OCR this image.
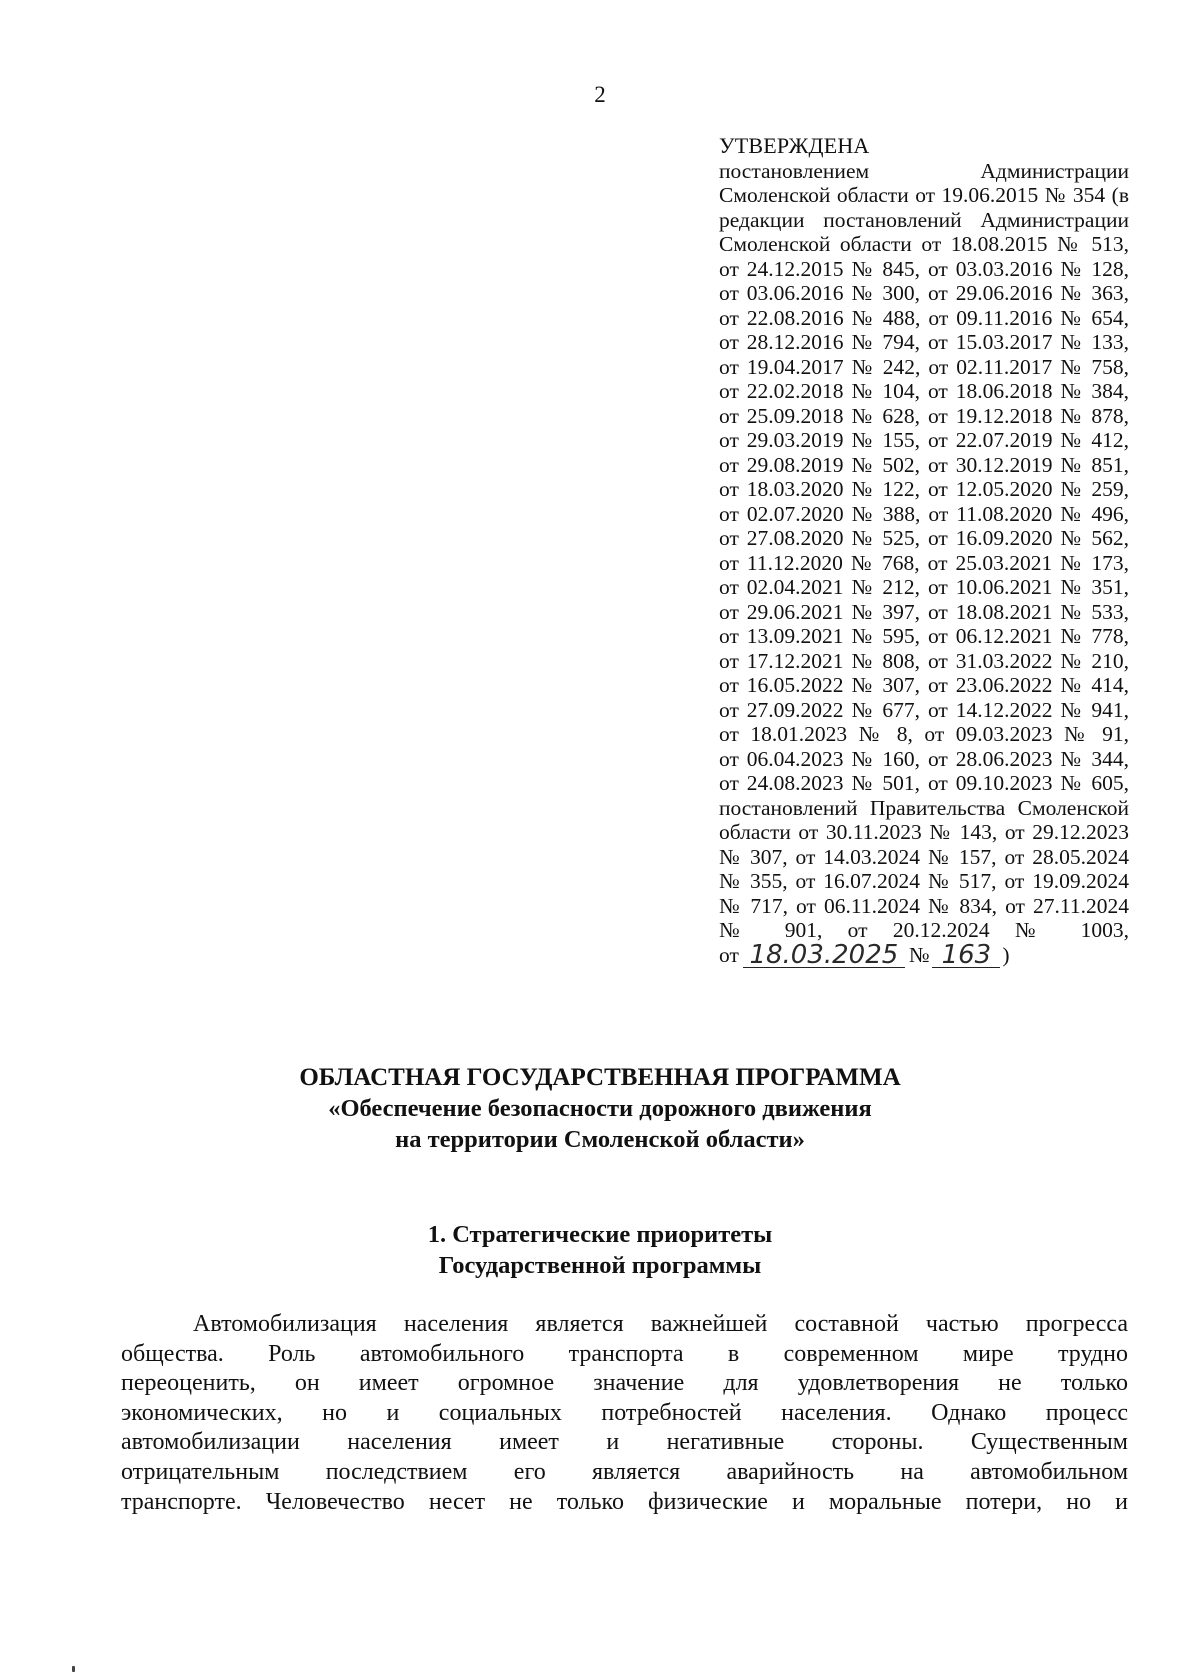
2
УТВЕРЖДЕНА
постановлением	Администрации
Смоленской области от 19.06.2015 № 354 (в
редакции постановлений Администрации
Смоленской области от 18.08.2015 № 513,
от 24.12.2015 № 845, от 03.03.2016 № 128,
от 03.06.2016 № 300, от 29.06.2016 № 363,
от 22.08.2016 № 488, от 09.11.2016 № 654,
от 28.12.2016 № 794, от 15.03.2017 № 133,
от 19.04.2017 № 242, от 02.11.2017 № 758,
от 22.02.2018 № 104, от 18.06.2018 № 384,
от 25.09.2018 № 628, от 19.12.2018 № 878,
от 29.03.2019 № 155, от 22.07.2019 № 412,
от 29.08.2019 № 502, от 30.12.2019 № 851,
от 18.03.2020 № 122, от 12.05.2020 № 259,
от 02.07.2020 № 388, от 11.08.2020 № 496,
от 27.08.2020 № 525, от 16.09.2020 № 562,
от 11.12.2020 № 768, от 25.03.2021 № 173,
от 02.04.2021 № 212, от 10.06.2021 № 351,
от 29.06.2021 № 397, от 18.08.2021 № 533,
от 13.09.2021 № 595, от 06.12.2021 № 778,
от 17.12.2021 № 808, от 31.03.2022 № 210,
от 16.05.2022 № 307, от 23.06.2022 № 414,
от 27.09.2022 № 677, от 14.12.2022 № 941,
от 18.01.2023 № 8, от 09.03.2023 № 91,
от 06.04.2023 № 160, от 28.06.2023 № 344,
от 24.08.2023 № 501, от 09.10.2023 № 605,
постановлений Правительства Смоленской
области от 30.11.2023 № 143, от 29.12.2023
№ 307, от 14.03.2024 № 157, от 28.05.2024
№ 355, от 16.07.2024 № 517, от 19.09.2024
№ 717, от 06.11.2024 № 834, от 27.11.2024
№ 901, от 20.12.2024 № 1003,
от 18.03.2025 № 163 )
ОБЛАСТНАЯ ГОСУДАРСТВЕННАЯ ПРОГРАММА
«Обеспечение безопасности дорожного движения
на территории Смоленской области»
1. Стратегические приоритеты
Государственной программы
Автомобилизация населения является важнейшей составной частью прогресса
общества. Роль автомобильного транспорта в современном мире трудно
переоценить, он имеет огромное значение для удовлетворения не только
экономических, но и социальных потребностей населения. Однако процесс
автомобилизации населения имеет и негативные стороны. Существенным
отрицательным последствием его является аварийность на автомобильном
транспорте. Человечество несет не только физические и моральные потери, но и
